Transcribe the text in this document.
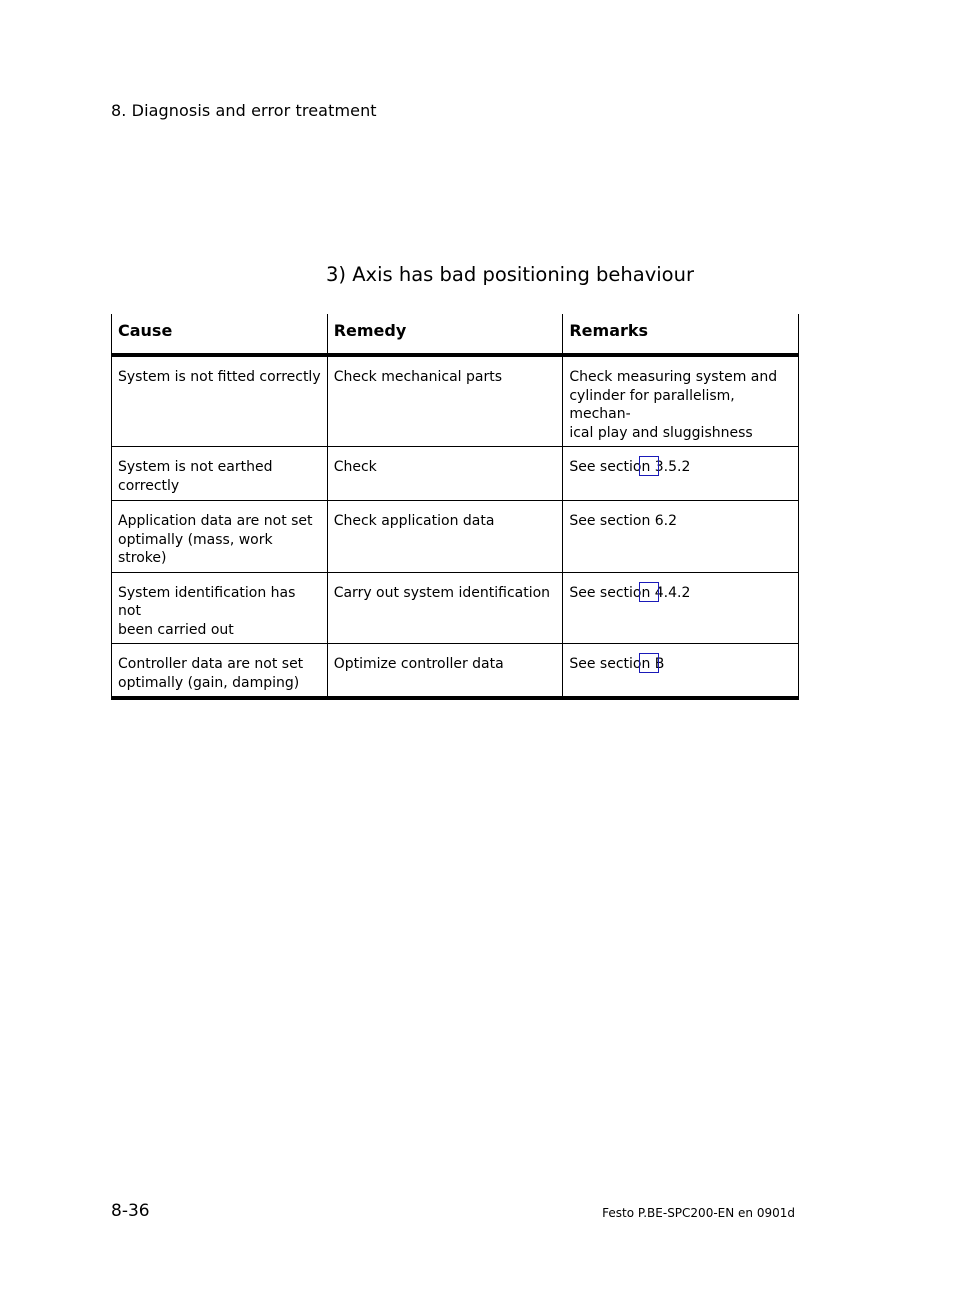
8. Diagnosis and error treatment
3) Axis has bad positioning behaviour
Cause	Remedy	Remarks
System is not fitted correctly	Check mechanical parts	Check measuring system and
cylinder for parallelism, mechan-
ical play and sluggishness
System is not earthed
correctly	Check	See section 3.5.2

Application data are not set
optimally (mass, work stroke)	Check application data	See section 6.2
System identification has not
been carried out	Carry out system identification	See section 4.4.2

Controller data are not set
optimally (gain, damping)	Optimize controller data	See section B
8-36	Festo P.BE-SPC200-EN en 0901d
